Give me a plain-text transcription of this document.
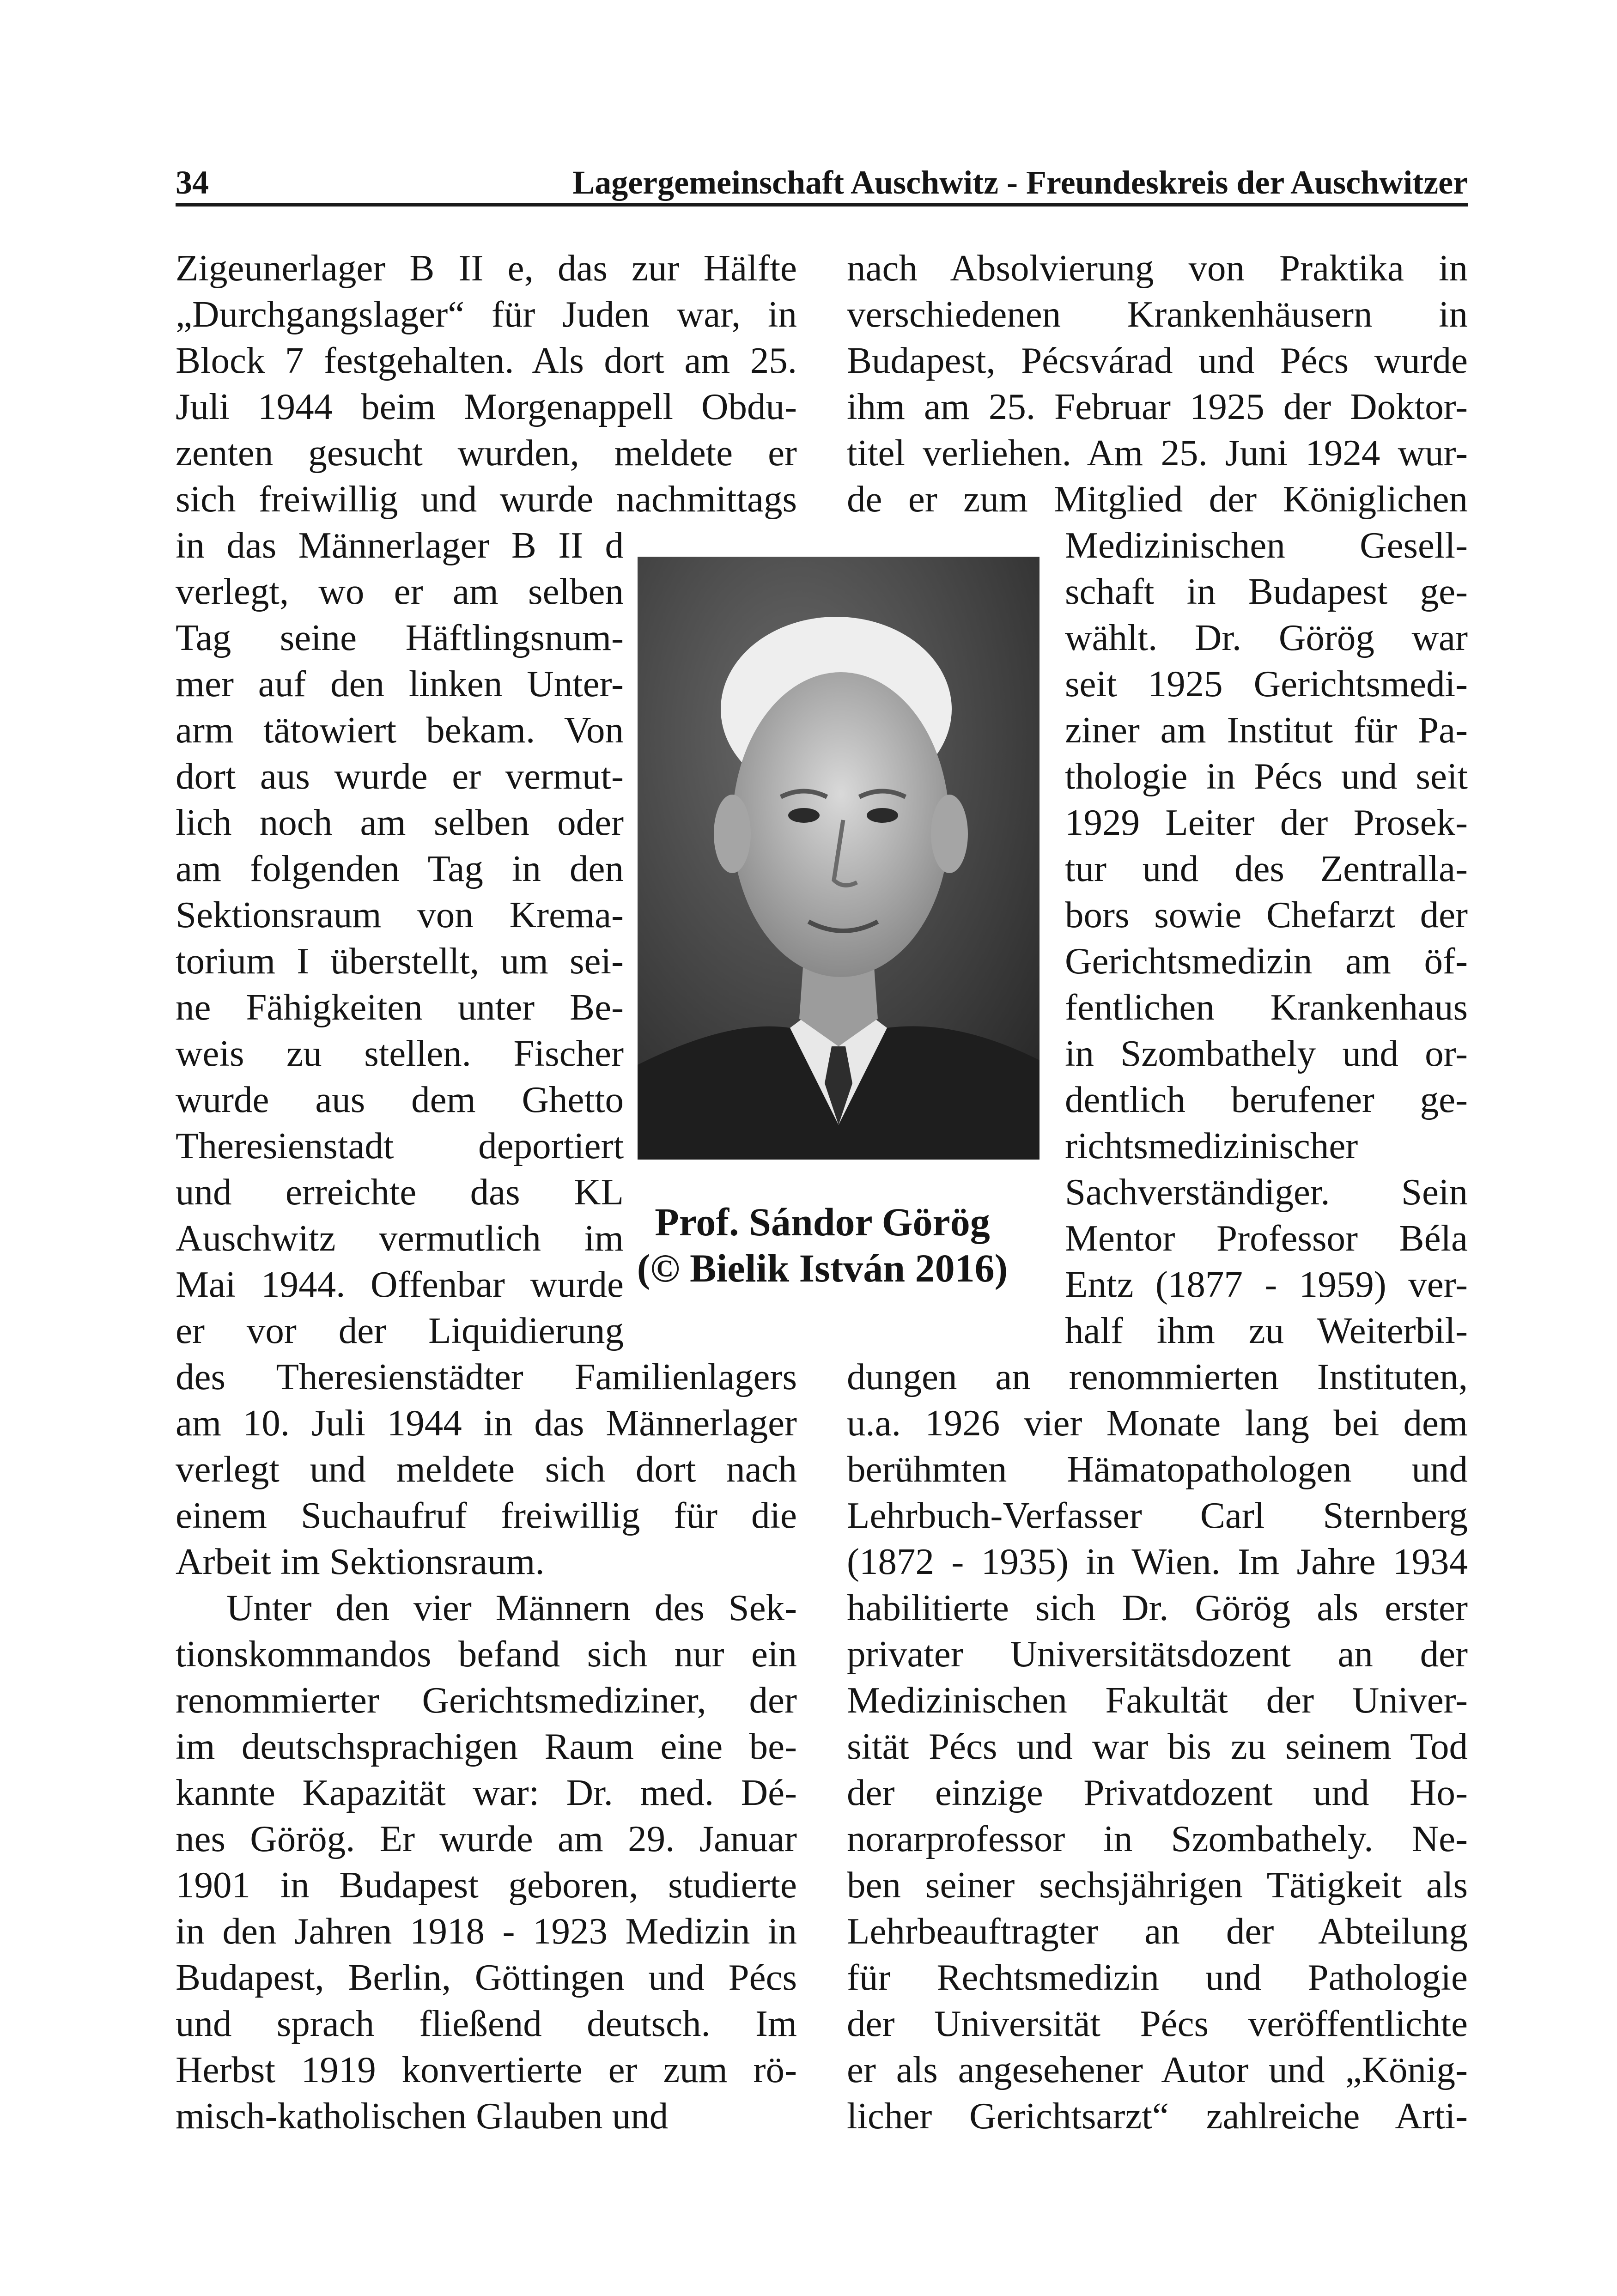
34	Lagergemeinschaft Auschwitz - Freundeskreis der Auschwitzer
Zigeunerlager B II e, das zur Hälfte
„Durchgangslager“ für Juden war, in
Block 7 festgehalten. Als dort am 25.
Juli 1944 beim Morgenappell Obdu-
zenten gesucht wurden, meldete er
sich freiwillig und wurde nachmittags
in das Männerlager B II d
verlegt, wo er am selben
Tag seine Häftlingsnum-
mer auf den linken Unter-
arm tätowiert bekam. Von
dort aus wurde er vermut-
lich noch am selben oder
am folgenden Tag in den
Sektionsraum von Krema-
torium I überstellt, um sei-
ne Fähigkeiten unter Be-
weis zu stellen. Fischer
wurde aus dem Ghetto
Theresienstadt deportiert
und erreichte das KL
Auschwitz vermutlich im
Mai 1944. Offenbar wurde
er vor der Liquidierung
des Theresienstädter Familienlagers
am 10. Juli 1944 in das Männerlager
verlegt und meldete sich dort nach
einem Suchaufruf freiwillig für die
Arbeit im Sektionsraum.
Unter den vier Männern des Sek-
tionskommandos befand sich nur ein
renommierter Gerichtsmediziner, der
im deutschsprachigen Raum eine be-
kannte Kapazität war: Dr. med. Dé-
nes Görög. Er wurde am 29. Januar
1901 in Budapest geboren, studierte
in den Jahren 1918 - 1923 Medizin in
Budapest, Berlin, Göttingen und Pécs
und sprach fließend deutsch. Im
Herbst 1919 konvertierte er zum rö-
misch-katholischen Glauben und
nach Absolvierung von Praktika in
verschiedenen Krankenhäusern in
Budapest, Pécsvárad und Pécs wurde
ihm am 25. Februar 1925 der Doktor-
titel verliehen. Am 25. Juni 1924 wur-
de er zum Mitglied der Königlichen
Medizinischen Gesell-
schaft in Budapest ge-
wählt. Dr. Görög war
seit 1925 Gerichtsmedi-
ziner am Institut für Pa-
thologie in Pécs und seit
1929 Leiter der Prosek-
tur und des Zentralla-
bors sowie Chefarzt der
Gerichtsmedizin am öf-
fentlichen Krankenhaus
in Szombathely und or-
dentlich berufener ge-
richtsmedizinischer
Sachverständiger. Sein
Mentor Professor Béla
Entz (1877 - 1959) ver-
half ihm zu Weiterbil-
dungen an renommierten Instituten,
u.a. 1926 vier Monate lang bei dem
berühmten Hämatopathologen und
Lehrbuch-Verfasser Carl Sternberg
(1872 - 1935) in Wien. Im Jahre 1934
habilitierte sich Dr. Görög als erster
privater Universitätsdozent an der
Medizinischen Fakultät der Univer-
sität Pécs und war bis zu seinem Tod
der einzige Privatdozent und Ho-
norarprofessor in Szombathely. Ne-
ben seiner sechsjährigen Tätigkeit als
Lehrbeauftragter an der Abteilung
für Rechtsmedizin und Pathologie
der Universität Pécs veröffentlichte
er als angesehener Autor und „König-
licher Gerichtsarzt“ zahlreiche Arti-
Prof. Sándor Görög
(© Bielik István 2016)
